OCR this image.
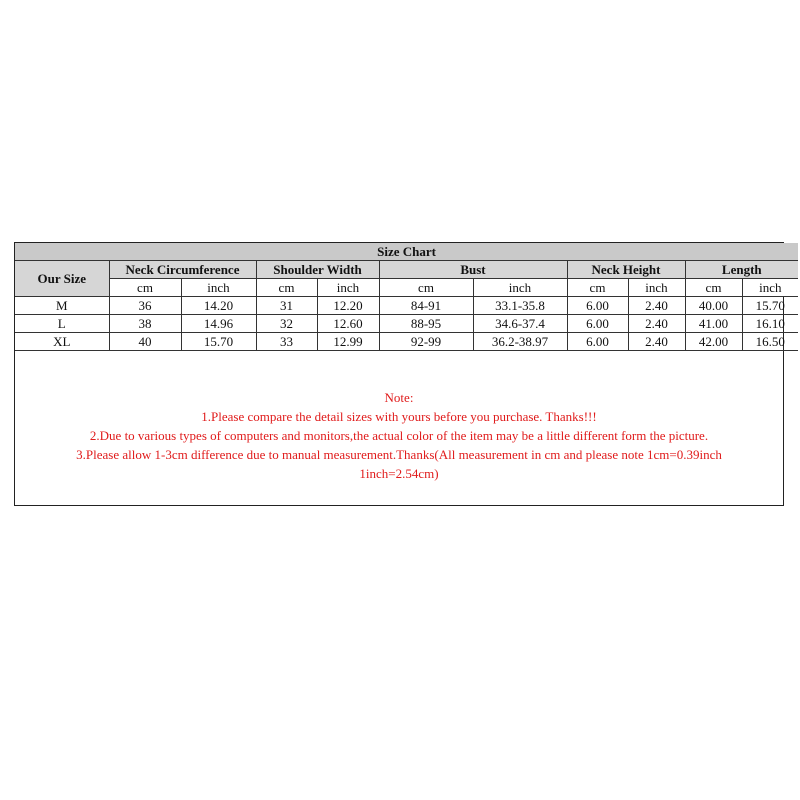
Size Chart										
Our Size	Neck Circumference		Shoulder Width		Bust		Neck Height		Length	
	cm	inch	cm	inch	cm	inch	cm	inch	cm	inch
M	36	14.20	31	12.20	84-91	33.1-35.8	6.00	2.40	40.00	15.70
L	38	14.96	32	12.60	88-95	34.6-37.4	6.00	2.40	41.00	16.10
XL	40	15.70	33	12.99	92-99	36.2-38.97	6.00	2.40	42.00	16.50

Note:

1.Please compare the detail sizes with yours before you purchase. Thanks!!!

2.Due to various types of computers and monitors,the actual color of the item may be a little different form the picture.

3.Please allow 1-3cm difference due to manual measurement.Thanks(All measurement in cm and please note 1cm=0.39inch

1inch=2.54cm)
